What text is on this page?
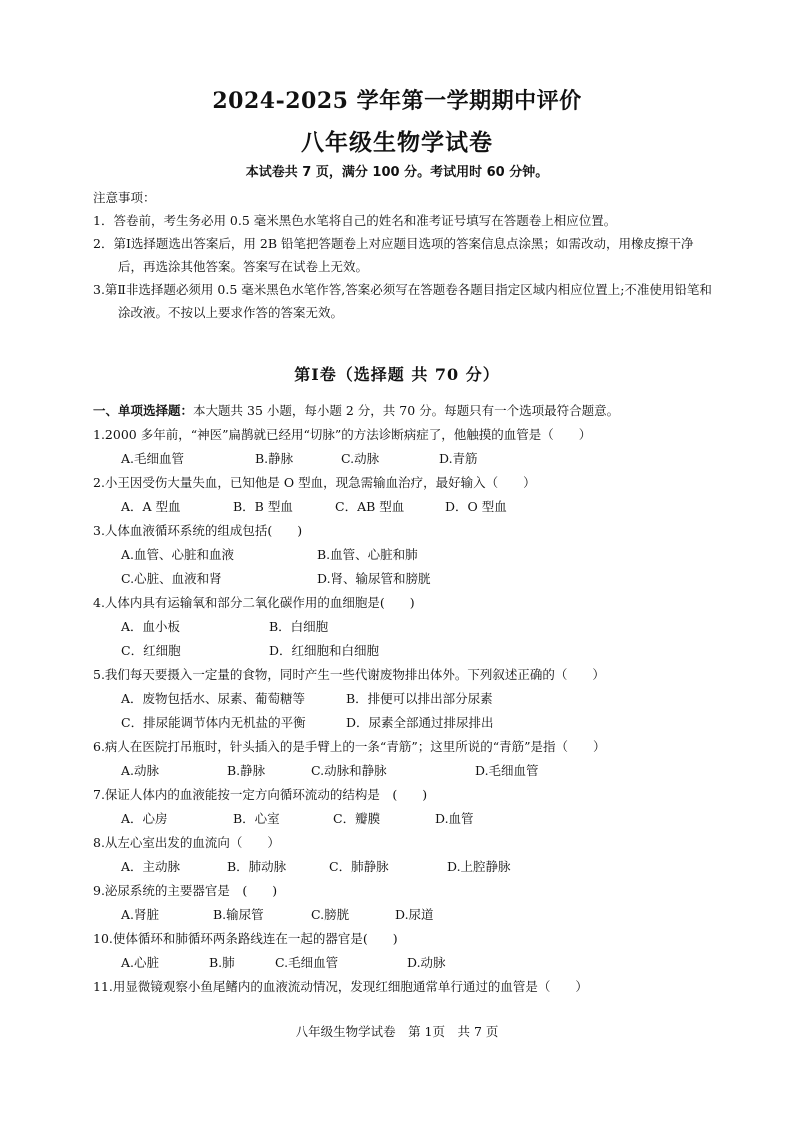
2024-2025 学年第一学期期中评价
八年级生物学试卷
本试卷共 7 页，满分 100 分。考试用时 60 分钟。
注意事项：
1．答卷前，考生务必用 0.5 毫米黑色水笔将自己的姓名和准考证号填写在答题卷上相应位置。
2．第Ⅰ选择题选出答案后，用 2B 铅笔把答题卷上对应题目选项的答案信息点涂黑；如需改动，用橡皮擦干净后，再选涂其他答案。答案写在试卷上无效。
3.第Ⅱ非选择题必须用 0.5 毫米黑色水笔作答,答案必须写在答题卷各题目指定区域内相应位置上;不准使用铅笔和涂改液。不按以上要求作答的答案无效。
第Ⅰ卷（选择题 共 70 分）
一、单项选择题：本大题共 35 小题，每小题 2 分，共 70 分。每题只有一个选项最符合题意。
1.2000 多年前，“神医”扁鹊就已经用“切脉”的方法诊断病症了，他触摸的血管是（　　）
A.毛细血管	B.静脉	C.动脉	D.青筋
2.小王因受伤大量失血，已知他是 O 型血，现急需输血治疗，最好输入（　　）
A．A 型血	B．B 型血	C．AB 型血	D．O 型血
3.人体血液循环系统的组成包括(　　)
A.血管、心脏和血液	B.血管、心脏和肺
C.心脏、血液和肾	D.肾、输尿管和膀胱
4.人体内具有运输氧和部分二氧化碳作用的血细胞是(　　)
A．血小板	B．白细胞
C．红细胞	D．红细胞和白细胞
5.我们每天要摄入一定量的食物，同时产生一些代谢废物排出体外。下列叙述正确的（　　）
A．废物包括水、尿素、葡萄糖等	B．排便可以排出部分尿素
C．排尿能调节体内无机盐的平衡	D．尿素全部通过排尿排出
6.病人在医院打吊瓶时，针头插入的是手臂上的一条“青筋”；这里所说的“青筋”是指（　　）
A.动脉	B.静脉	C.动脉和静脉	D.毛细血管
7.保证人体内的血液能按一定方向循环流动的结构是　(　　)
A．心房	B．心室	C．瓣膜	D.血管
8.从左心室出发的血流向（　　）
A．主动脉	B．肺动脉	C．肺静脉	D.上腔静脉
9.泌尿系统的主要器官是　(　　)
A.肾脏	B.输尿管	C.膀胱	D.尿道
10.使体循环和肺循环两条路线连在一起的器官是(　　)
A.心脏	B.肺	C.毛细血管	D.动脉
11.用显微镜观察小鱼尾鳍内的血液流动情况，发现红细胞通常单行通过的血管是（　　）
八年级生物学试卷　第 1页　共 7 页
